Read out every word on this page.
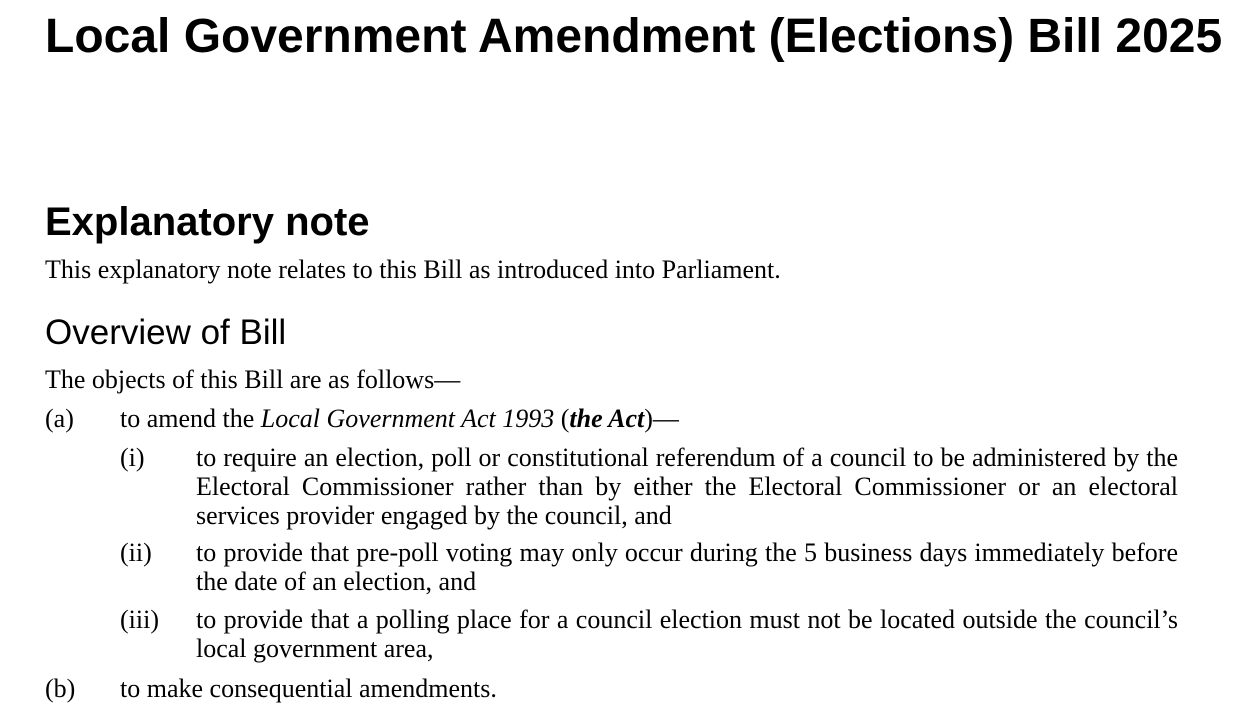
Local Government Amendment (Elections) Bill 2025
Explanatory note

This explanatory note relates to this Bill as introduced into Parliament.

Overview of Bill

The objects of this Bill are as follows—

(a) to amend the Local Government Act 1993 (the Act)—
(i) to require an election, poll or constitutional referendum of a council to be administered by the Electoral Commissioner rather than by either the Electoral Commissioner or an electoral services provider engaged by the council, and
(ii) to provide that pre-poll voting may only occur during the 5 business days immediately before the date of an election, and
(iii) to provide that a polling place for a council election must not be located outside the council’s local government area,
(b) to make consequential amendments.
